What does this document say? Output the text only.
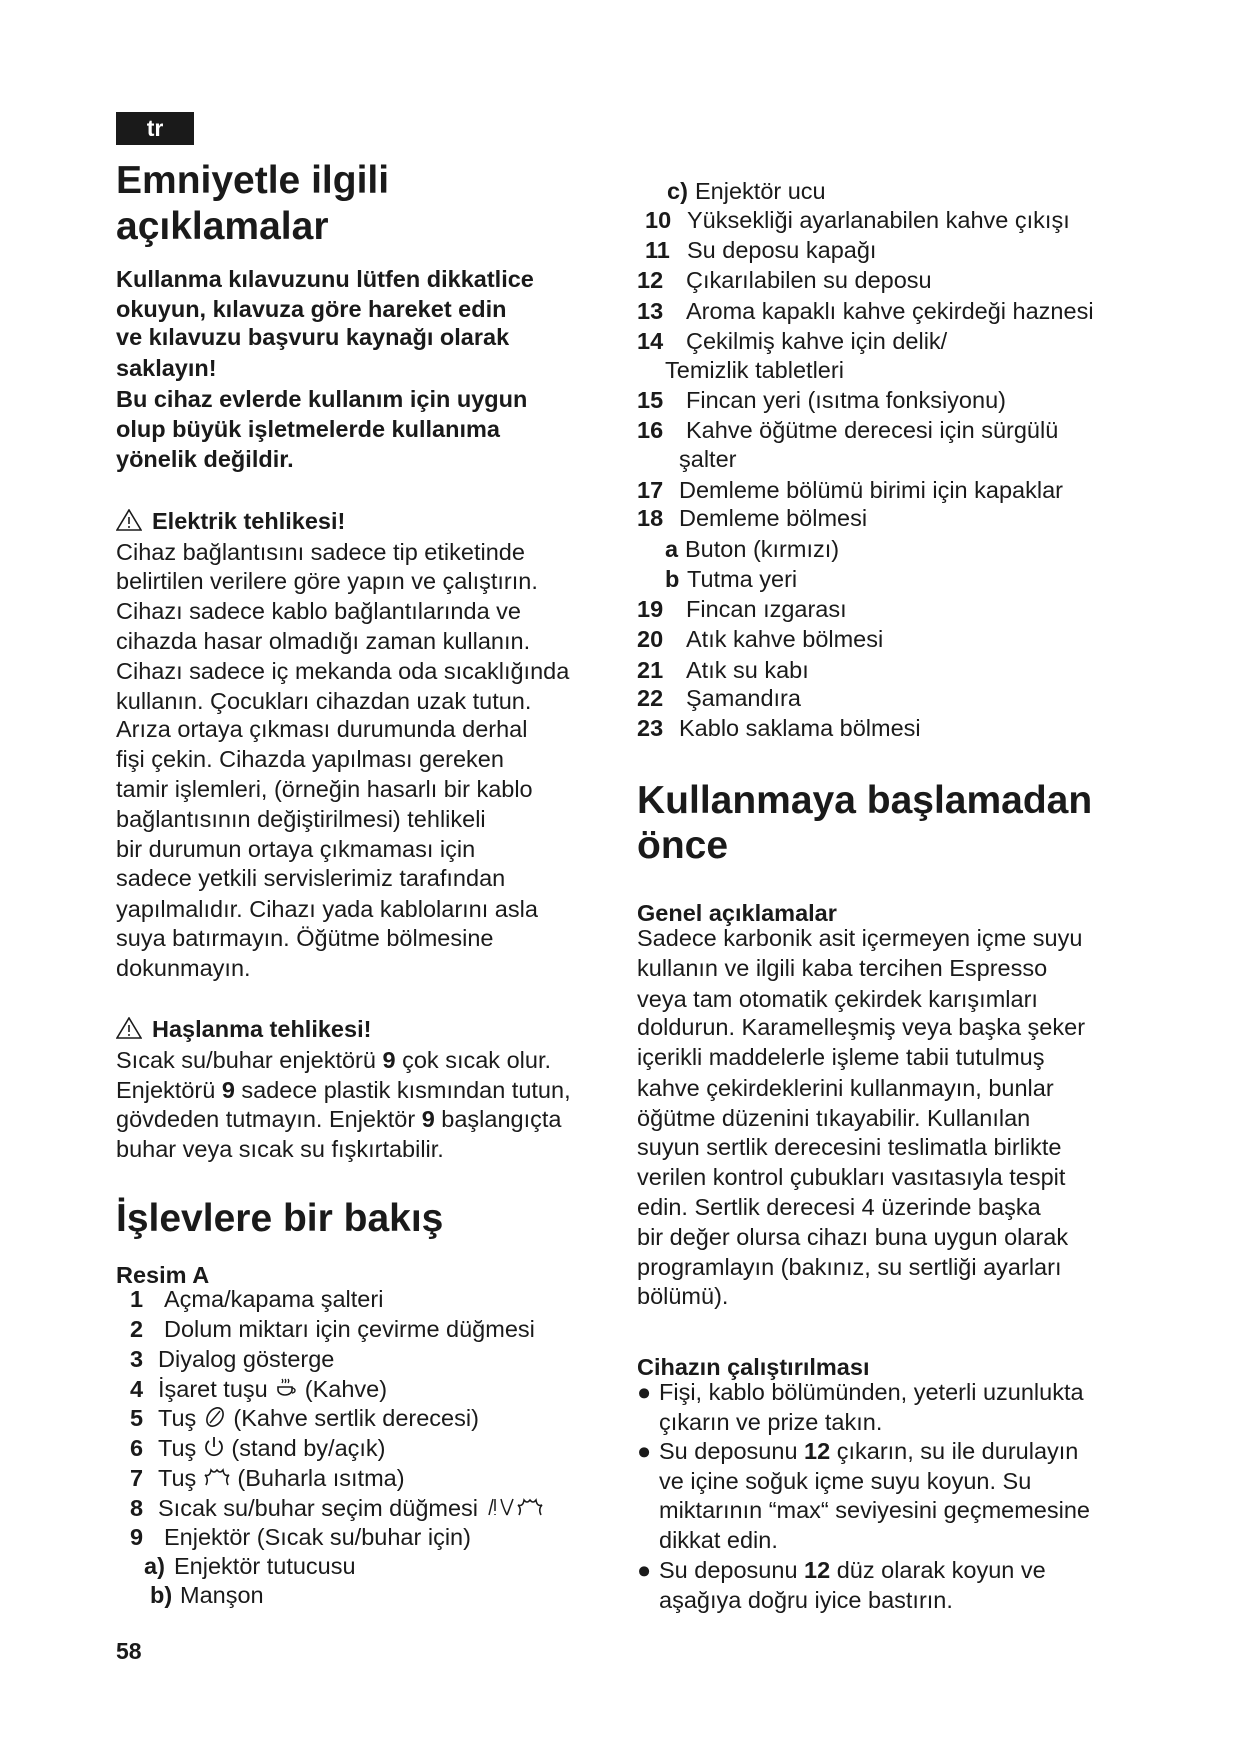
tr
Emniyetle ilgili
açıklamalar
Kullanma kılavuzunu lütfen dikkatlice
okuyun, kılavuza göre hareket edin
ve kılavuzu başvuru kaynağı olarak
saklayın!
Bu cihaz evlerde kullanım için uygun
olup büyük işletmelerde kullanıma
yönelik değildir.
Elektrik tehlikesi!
Cihaz bağlantısını sadece tip etiketinde
belirtilen verilere göre yapın ve çalıştırın.
Cihazı sadece kablo bağlantılarında ve
cihazda hasar olmadığı zaman kullanın.
Cihazı sadece iç mekanda oda sıcaklığında
kullanın. Çocukları cihazdan uzak tutun.
Arıza ortaya çıkması durumunda derhal
fişi çekin. Cihazda yapılması gereken
tamir işlemleri, (örneğin hasarlı bir kablo
bağlantısının değiştirilmesi) tehlikeli
bir durumun ortaya çıkmaması için
sadece yetkili servislerimiz tarafından
yapılmalıdır. Cihazı yada kablolarını asla
suya batırmayın. Öğütme bölmesine
dokunmayın.
Haşlanma tehlikesi!
Sıcak su/buhar enjektörü 9 çok sıcak olur.
Enjektörü 9 sadece plastik kısmından tutun,
gövdeden tutmayın. Enjektör 9 başlangıçta
buhar veya sıcak su fışkırtabilir.
İşlevlere bir bakış
Resim A
1 Açma/kapama şalteri
2 Dolum miktarı için çevirme düğmesi
3 Diyalog gösterge
4 İşaret tuşu (Kahve)
5 Tuş (Kahve sertlik derecesi)
6 Tuş (stand by/açık)
7 Tuş (Buharla ısıtma)
8 Sıcak su/buhar seçim düğmesi
9 Enjektör (Sıcak su/buhar için)
a) Enjektör tutucusu
b) Manşon
c) Enjektör ucu
10 Yüksekliği ayarlanabilen kahve çıkışı
11 Su deposu kapağı
12 Çıkarılabilen su deposu
13 Aroma kapaklı kahve çekirdeği haznesi
14 Çekilmiş kahve için delik/
Temizlik tabletleri
15 Fincan yeri (ısıtma fonksiyonu)
16 Kahve öğütme derecesi için sürgülü
şalter
17 Demleme bölümü birimi için kapaklar
18 Demleme bölmesi
a Buton (kırmızı)
b Tutma yeri
19 Fincan ızgarası
20 Atık kahve bölmesi
21 Atık su kabı
22 Şamandıra
23 Kablo saklama bölmesi
Kullanmaya başlamadan
önce
Genel açıklamalar
Sadece karbonik asit içermeyen içme suyu
kullanın ve ilgili kaba tercihen Espresso
veya tam otomatik çekirdek karışımları
doldurun. Karamelleşmiş veya başka şeker
içerikli maddelerle işleme tabii tutulmuş
kahve çekirdeklerini kullanmayın, bunlar
öğütme düzenini tıkayabilir. Kullanılan
suyun sertlik derecesini teslimatla birlikte
verilen kontrol çubukları vasıtasıyla tespit
edin. Sertlik derecesi 4 üzerinde başka
bir değer olursa cihazı buna uygun olarak
programlayın (bakınız, su sertliği ayarları
bölümü).
Cihazın çalıştırılması
● Fişi, kablo bölümünden, yeterli uzunlukta
çıkarın ve prize takın.
● Su deposunu 12 çıkarın, su ile durulayın
ve içine soğuk içme suyu koyun. Su
miktarının “max“ seviyesini geçmemesine
dikkat edin.
● Su deposunu 12 düz olarak koyun ve
aşağıya doğru iyice bastırın.
58
